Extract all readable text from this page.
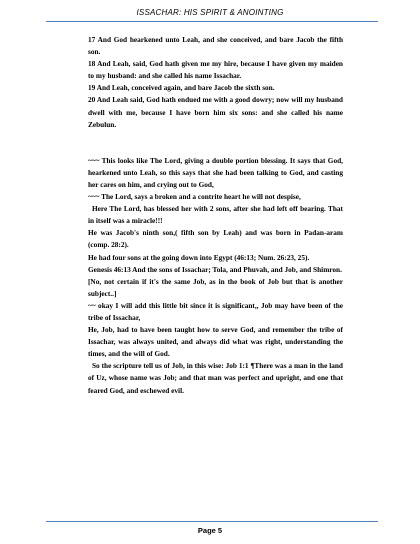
ISSACHAR: HIS SPIRIT & ANOINTING

17 And God hearkened unto Leah, and she conceived, and bare Jacob the fifth son.

18 And Leah, said, God hath given me my hire, because I have given my maiden to my husband: and she called his name Issachar.

19 And Leah, conceived again, and bare Jacob the sixth son.

20 And Leah said, God hath endued me with a good dowry; now will my husband dwell with me, because I have born him six sons: and she called his name Zebulun.

~~~ This looks like The Lord, giving a double portion blessing. It says that God, hearkened unto Leah, so this says that she had been talking to God, and casting her cares on him, and crying out to God,

~~~ The Lord, says a broken and a contrite heart he will not despise,

Here The Lord, has blessed her with 2 sons, after she had left off bearing. That in itself was a miracle!!!

He was Jacob's ninth son,( fifth son by Leah) and was born in Padan-aram (comp. 28:2).

He had four sons at the going down into Egypt (46:13; Num. 26:23, 25).

Genesis 46:13 And the sons of Issachar; Tola, and Phuvah, and Job, and Shimron.

[No, not certain if it's the same Job, as in the book of Job but that is another subject..]

~~ okay I will add this little bit since it is significant,, Job may have been of the tribe of Issachar,

He, Job, had to have been taught how to serve God, and remember the tribe of Issachar, was always united, and always did what was right, understanding the times, and the will of God.

So the scripture tell us of Job, in this wise: Job 1:1 ¶There was a man in the land of Uz, whose name was Job; and that man was perfect and upright, and one that feared God, and eschewed evil.

Page 5
